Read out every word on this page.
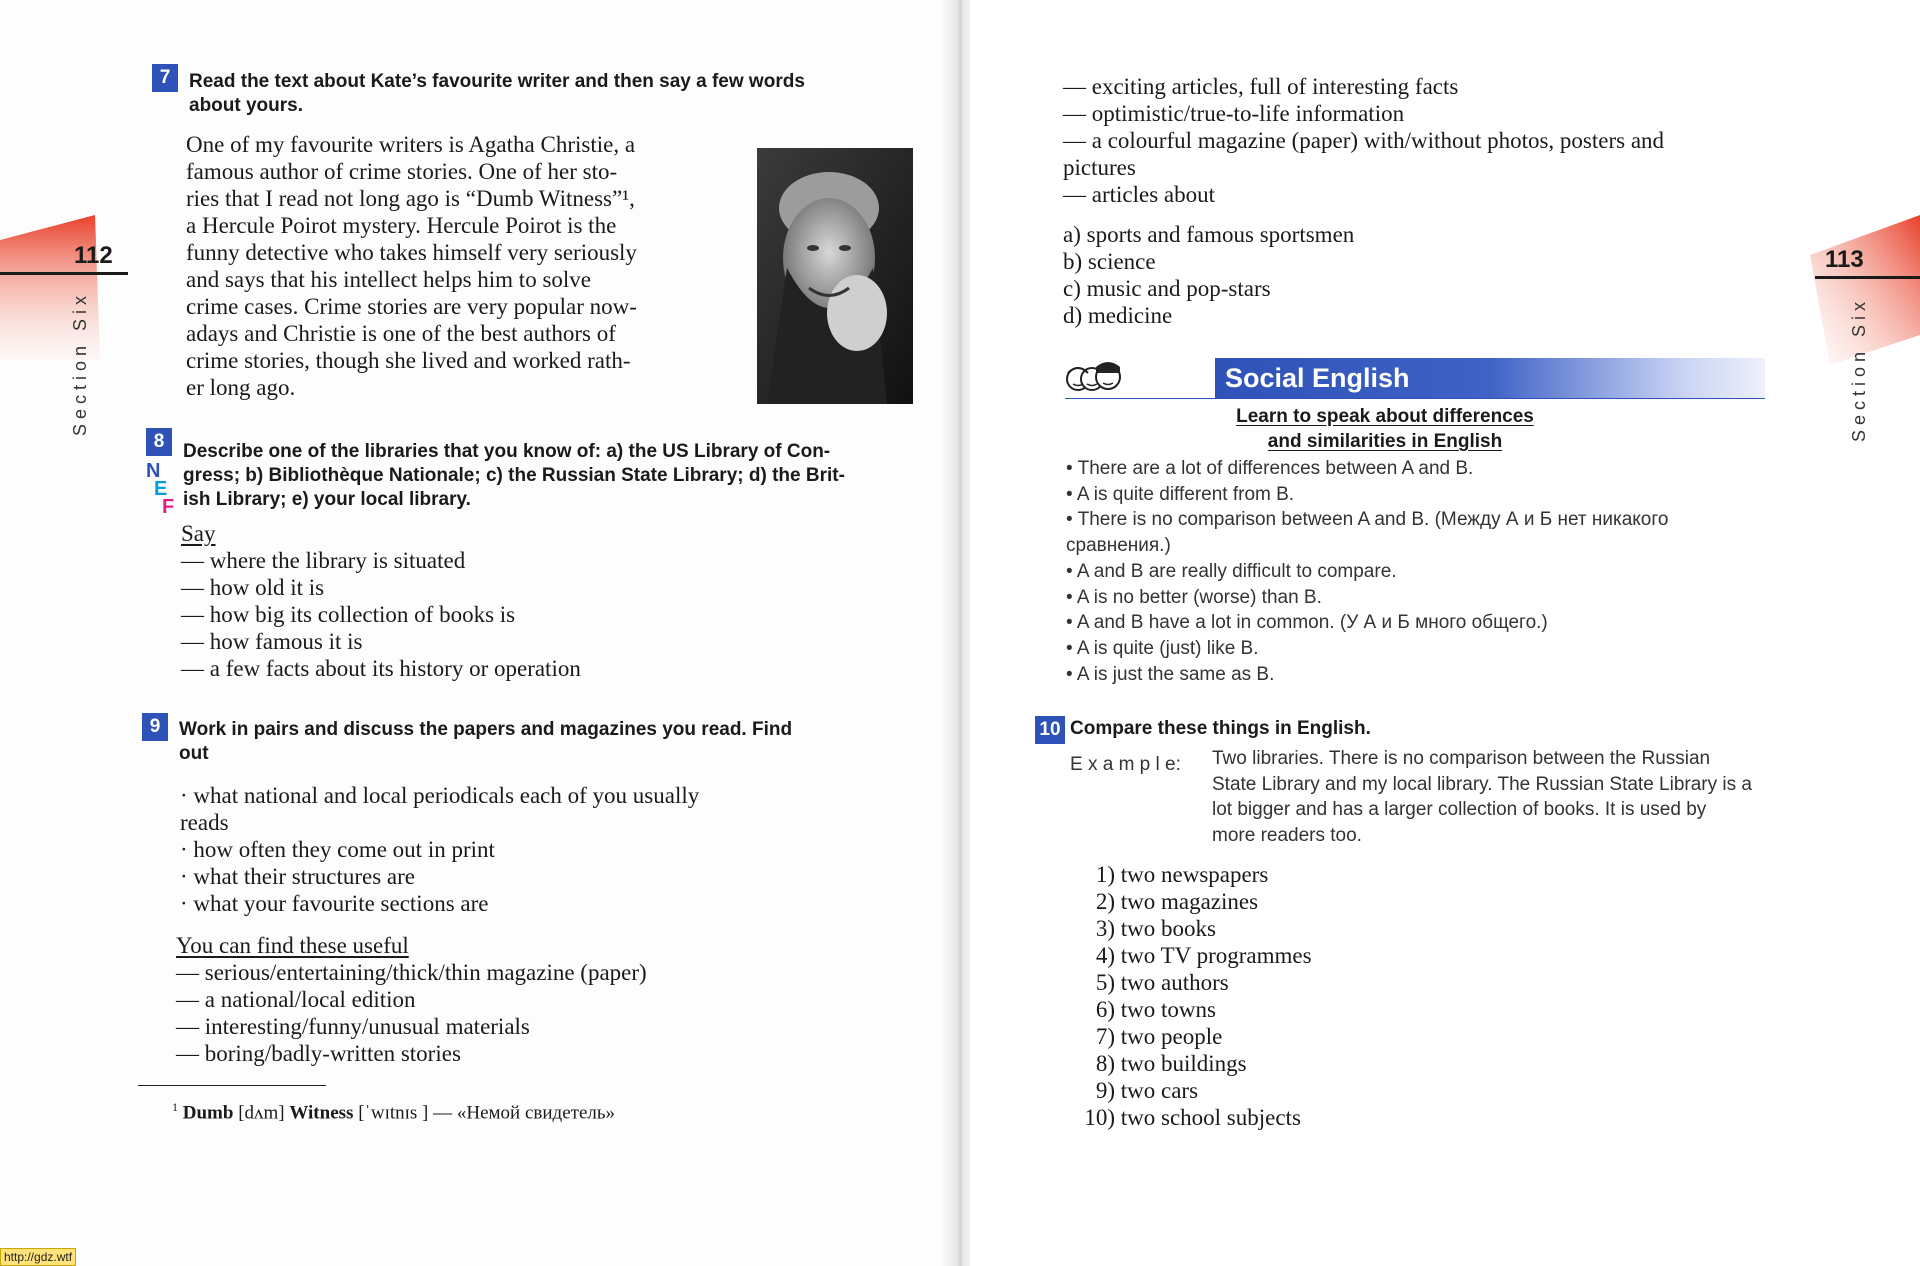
112
Section Six
7 Read the text about Kate’s favourite writer and then say a few words
about yours.
One of my favourite writers is Agatha Christie, a
famous author of crime stories. One of her sto-
ries that I read not long ago is “Dumb Witness”¹,
a Hercule Poirot mystery. Hercule Poirot is the
funny detective who takes himself very seriously
and says that his intellect helps him to solve
crime cases. Crime stories are very popular now-
adays and Christie is one of the best authors of
crime stories, though she lived and worked rath-
er long ago.
8 Describe one of the libraries that you know of: a) the US Library of Con-
gress; b) Bibliothèque Nationale; c) the Russian State Library; d) the Brit-
ish Library; e) your local library.
N
E
F
Say
— where the library is situated
— how old it is
— how big its collection of books is
— how famous it is
— a few facts about its history or operation
9 Work in pairs and discuss the papers and magazines you read. Find
out
· what national and local periodicals each of you usually
reads
· how often they come out in print
· what their structures are
· what your favourite sections are
You can find these useful
— serious/entertaining/thick/thin magazine (paper)
— a national/local edition
— interesting/funny/unusual materials
— boring/badly-written stories
$^1$ Dumb [dʌm] Witness [ˈwɪtnɪs ] — «Немой свидетель»
113
Section Six
— exciting articles, full of interesting facts
— optimistic/true-to-life information
— a colourful magazine (paper) with/without photos, posters and
pictures
— articles about
a) sports and famous sportsmen
b) science
c) music and pop-stars
d) medicine
Social English
Learn to speak about differences
and similarities in English
• There are a lot of differences between A and B.
• A is quite different from B.
• There is no comparison between A and B. (Между А и Б нет никакого
сравнения.)
• A and B are really difficult to compare.
• A is no better (worse) than B.
• A and B have a lot in common. (У А и Б много общего.)
• A is quite (just) like B.
• A is just the same as B.
10 Compare these things in English.
E x a m p l e: Two libraries. There is no comparison between the Russian
State Library and my local library. The Russian State Library is a
lot bigger and has a larger collection of books. It is used by
more readers too.
1) two newspapers
2) two magazines
3) two books
4) two TV programmes
5) two authors
6) two towns
7) two people
8) two buildings
9) two cars
10) two school subjects
http://gdz.wtf
